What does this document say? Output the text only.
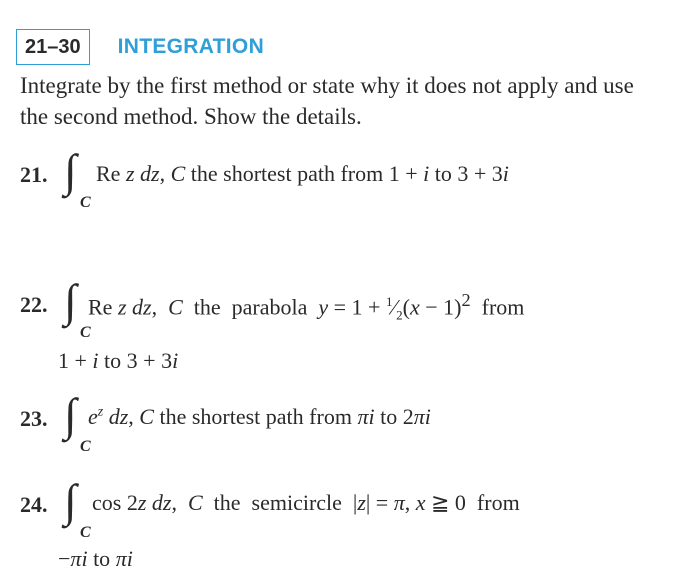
21–30	INTEGRATION
Integrate by the first method or state why it does not apply and use the second method. Show the details.
21. ∫
C
Re z dz, C the shortest path from 1 + i to 3 + 3i
22. ∫
C
Re z dz,  C  the  parabola  $y = 1 + ^1⁄_2(x - 1)^2$  from
1 + i to 3 + 3i
23. ∫
C
$e^z$ dz, C the shortest path from πi to 2πi
24. ∫
C
cos 2z dz,  C  the  semicircle  |z| = π, x ≧ 0  from
−πi to πi
